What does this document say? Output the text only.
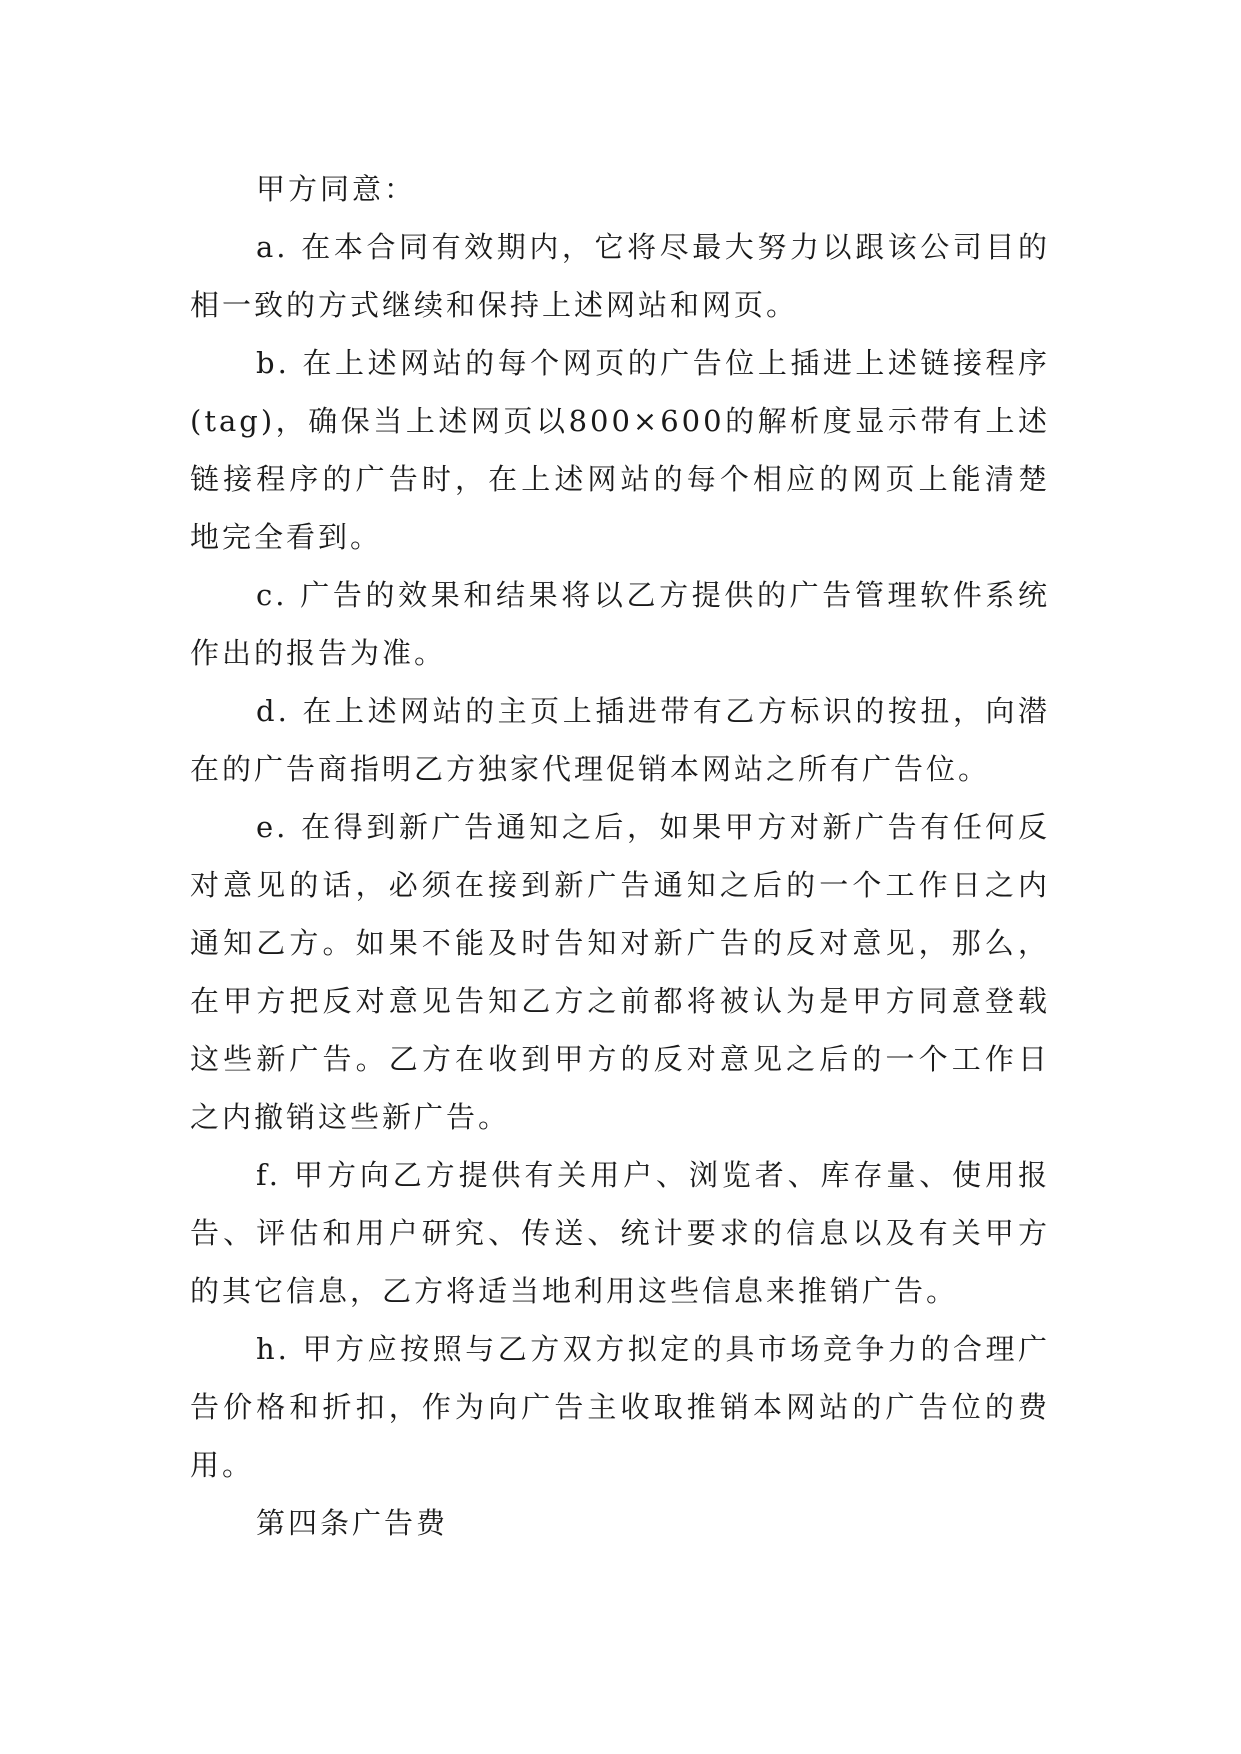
甲方同意：

a. 在本合同有效期内，它将尽最大努力以跟该公司目的相一致的方式继续和保持上述网站和网页。

b. 在上述网站的每个网页的广告位上插进上述链接程序(tag)，确保当上述网页以800×600的解析度显示带有上述链接程序的广告时，在上述网站的每个相应的网页上能清楚地完全看到。

c. 广告的效果和结果将以乙方提供的广告管理软件系统作出的报告为准。

d. 在上述网站的主页上插进带有乙方标识的按扭，向潜在的广告商指明乙方独家代理促销本网站之所有广告位。

e. 在得到新广告通知之后，如果甲方对新广告有任何反对意见的话，必须在接到新广告通知之后的一个工作日之内通知乙方。如果不能及时告知对新广告的反对意见，那么，在甲方把反对意见告知乙方之前都将被认为是甲方同意登载这些新广告。乙方在收到甲方的反对意见之后的一个工作日之内撤销这些新广告。

f. 甲方向乙方提供有关用户、浏览者、库存量、使用报告、评估和用户研究、传送、统计要求的信息以及有关甲方的其它信息，乙方将适当地利用这些信息来推销广告。

h. 甲方应按照与乙方双方拟定的具市场竞争力的合理广告价格和折扣，作为向广告主收取推销本网站的广告位的费用。

第四条广告费
